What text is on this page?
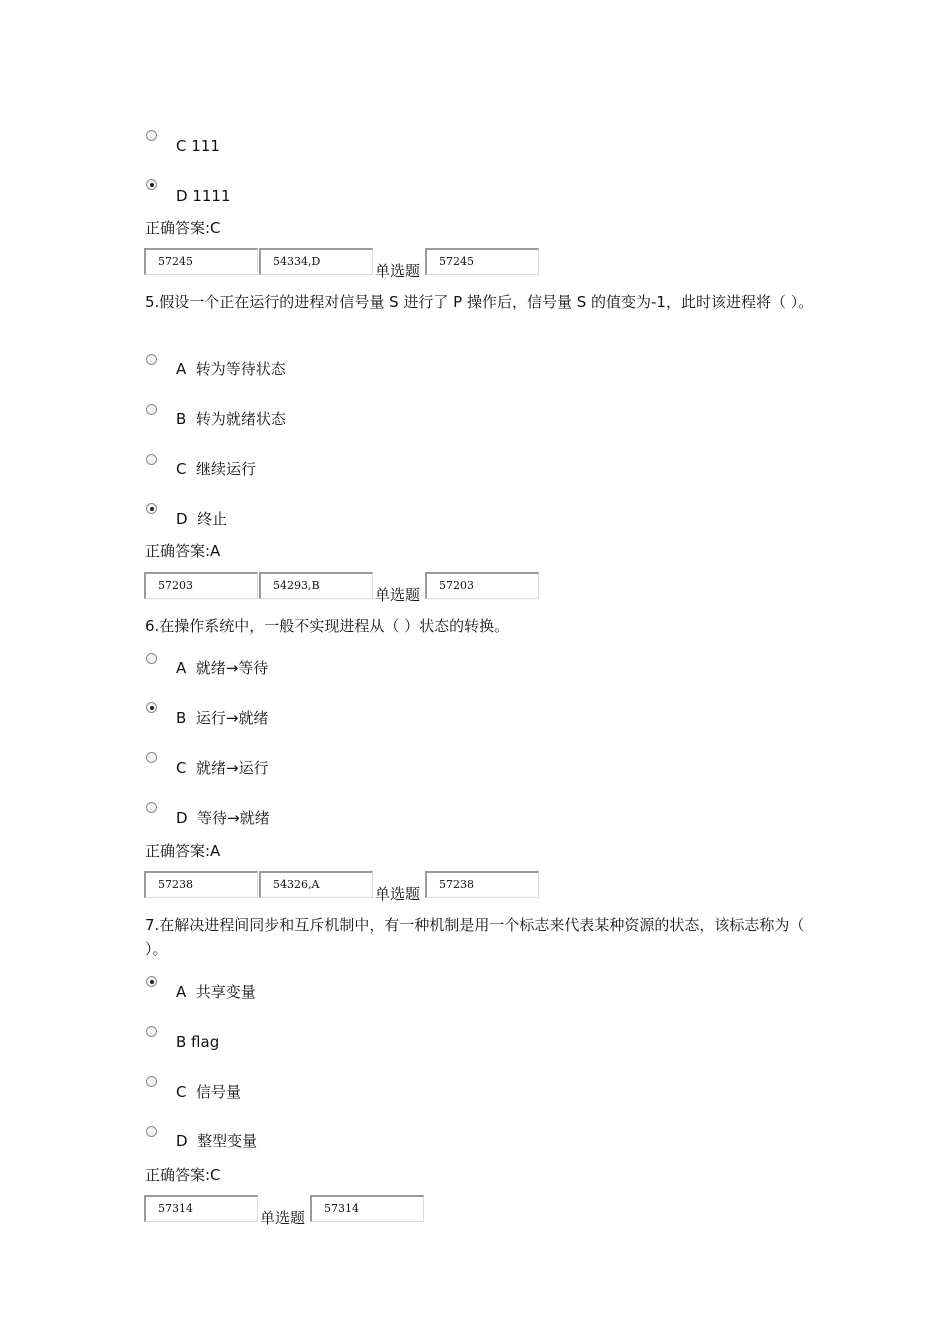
C 111
D 1111
正确答案:C
57245	54334,D
单选题
57245
5.假设一个正在运行的进程对信号量 S 进行了 P 操作后，信号量 S 的值变为-1，此时该进程将（ ）。
A  转为等待状态
B  转为就绪状态
C  继续运行
D  终止
正确答案:A
57203	54293,B
单选题
57203
6.在操作系统中，一般不实现进程从（ ）状态的转换。
A  就绪→等待
B  运行→就绪
C  就绪→运行
D  等待→就绪
正确答案:A
57238	54326,A
单选题
57238
7.在解决进程间同步和互斥机制中，有一种机制是用一个标志来代表某种资源的状态，该标志称为（ ）。
A  共享变量
B flag
C  信号量
D  整型变量
正确答案:C
57314
单选题
57314
